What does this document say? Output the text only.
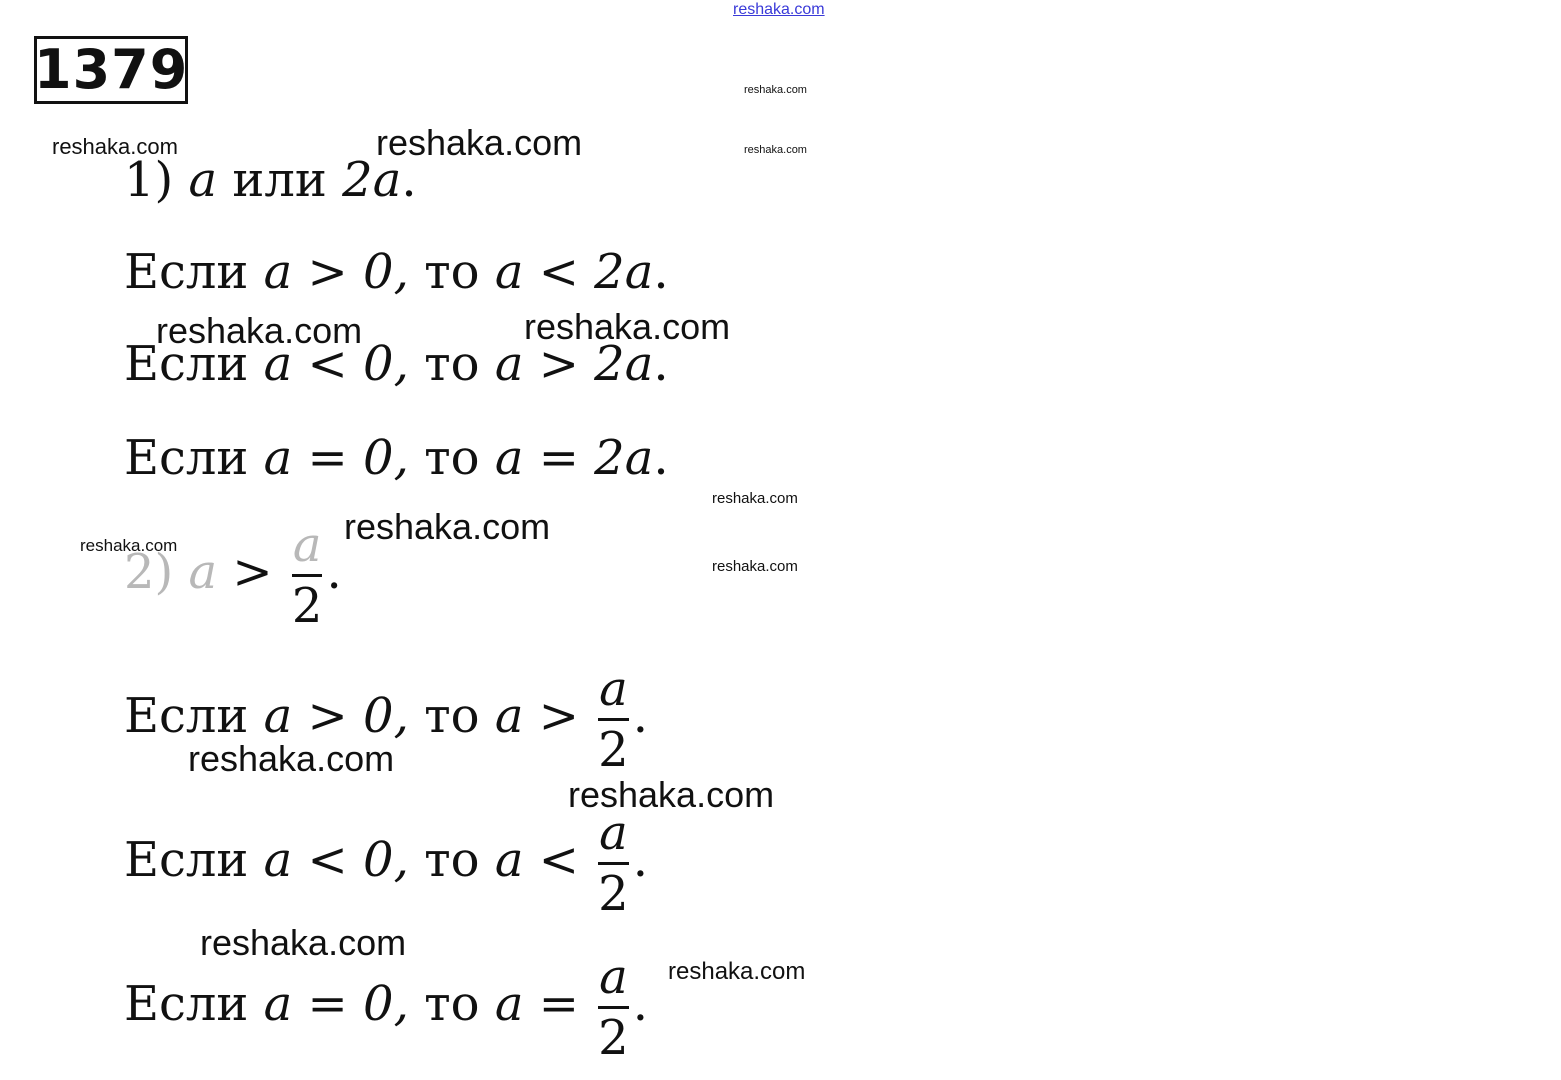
1379
1) a или 2a.
Если a > 0, то a < 2a.
Если a < 0, то a > 2a.
Если a = 0, то a = 2a.
2) $a > \frac{a}{2}$ .
Если a > 0, то $a > \frac{a}{2}$ .
Если a < 0, то $a < \frac{a}{2}$ .
Если a = 0, то $a = \frac{a}{2}$ .
reshaka.com
reshaka.com
reshaka.com
reshaka.com	reshaka.com
reshaka.com	reshaka.com
reshaka.com
reshaka.com
reshaka.com
reshaka.com
reshaka.com
reshaka.com
reshaka.com
reshaka.com
